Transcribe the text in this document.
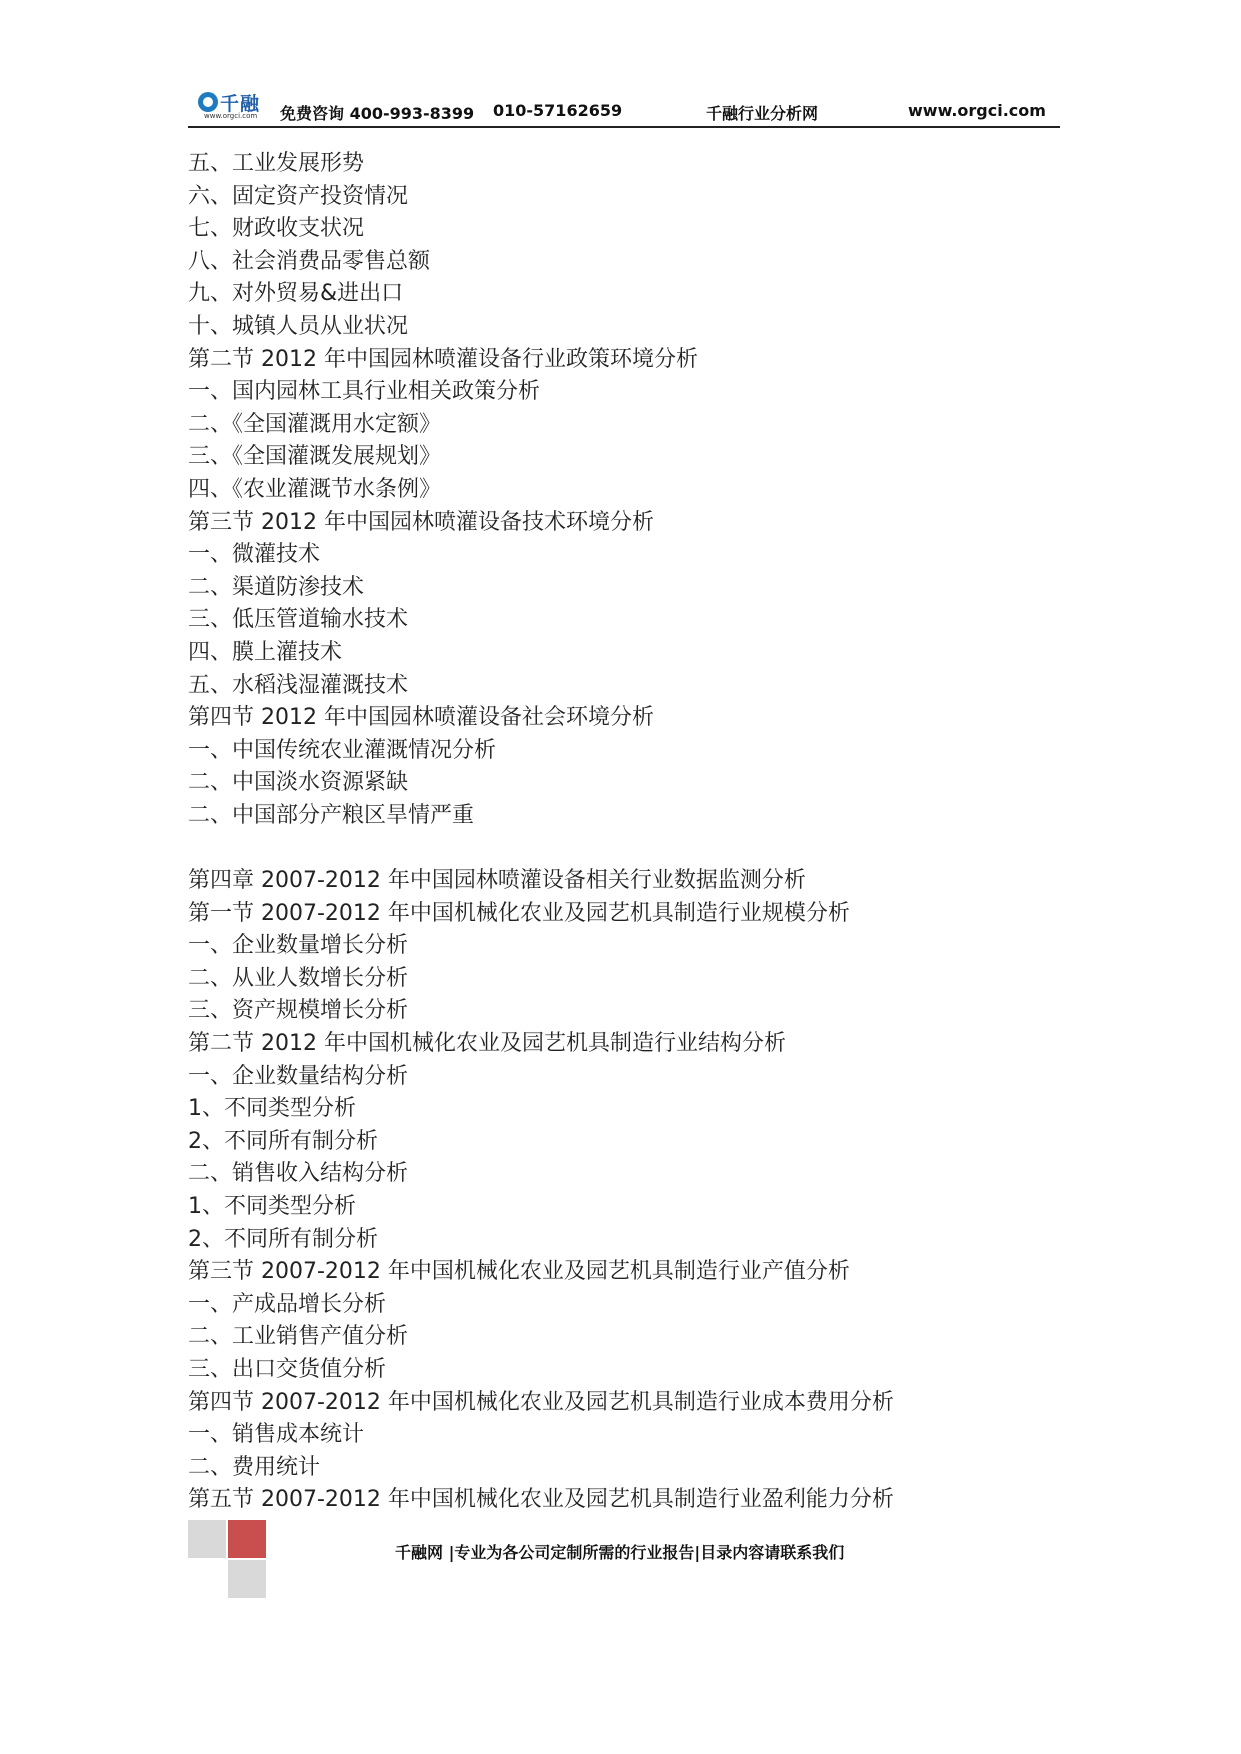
千融
www.orgci.com 免费咨询 400-993-8399 010-57162659	千融行业分析网	www.orgci.com
五、工业发展形势
六、固定资产投资情况
七、财政收支状况
八、社会消费品零售总额
九、对外贸易&进出口
十、城镇人员从业状况
第二节 2012 年中国园林喷灌设备行业政策环境分析
一、国内园林工具行业相关政策分析
二、《全国灌溉用水定额》
三、《全国灌溉发展规划》
四、《农业灌溉节水条例》
第三节 2012 年中国园林喷灌设备技术环境分析
一、微灌技术
二、渠道防渗技术
三、低压管道输水技术
四、膜上灌技术
五、水稻浅湿灌溉技术
第四节 2012 年中国园林喷灌设备社会环境分析
一、中国传统农业灌溉情况分析
二、中国淡水资源紧缺
二、中国部分产粮区旱情严重
第四章 2007-2012 年中国园林喷灌设备相关行业数据监测分析
第一节 2007-2012 年中国机械化农业及园艺机具制造行业规模分析
一、企业数量增长分析
二、从业人数增长分析
三、资产规模增长分析
第二节 2012 年中国机械化农业及园艺机具制造行业结构分析
一、企业数量结构分析
1、不同类型分析
2、不同所有制分析
二、销售收入结构分析
1、不同类型分析
2、不同所有制分析
第三节 2007-2012 年中国机械化农业及园艺机具制造行业产值分析
一、产成品增长分析
二、工业销售产值分析
三、出口交货值分析
第四节 2007-2012 年中国机械化农业及园艺机具制造行业成本费用分析
一、销售成本统计
二、费用统计
第五节 2007-2012 年中国机械化农业及园艺机具制造行业盈利能力分析
千融网 |专业为各公司定制所需的行业报告|目录内容请联系我们
